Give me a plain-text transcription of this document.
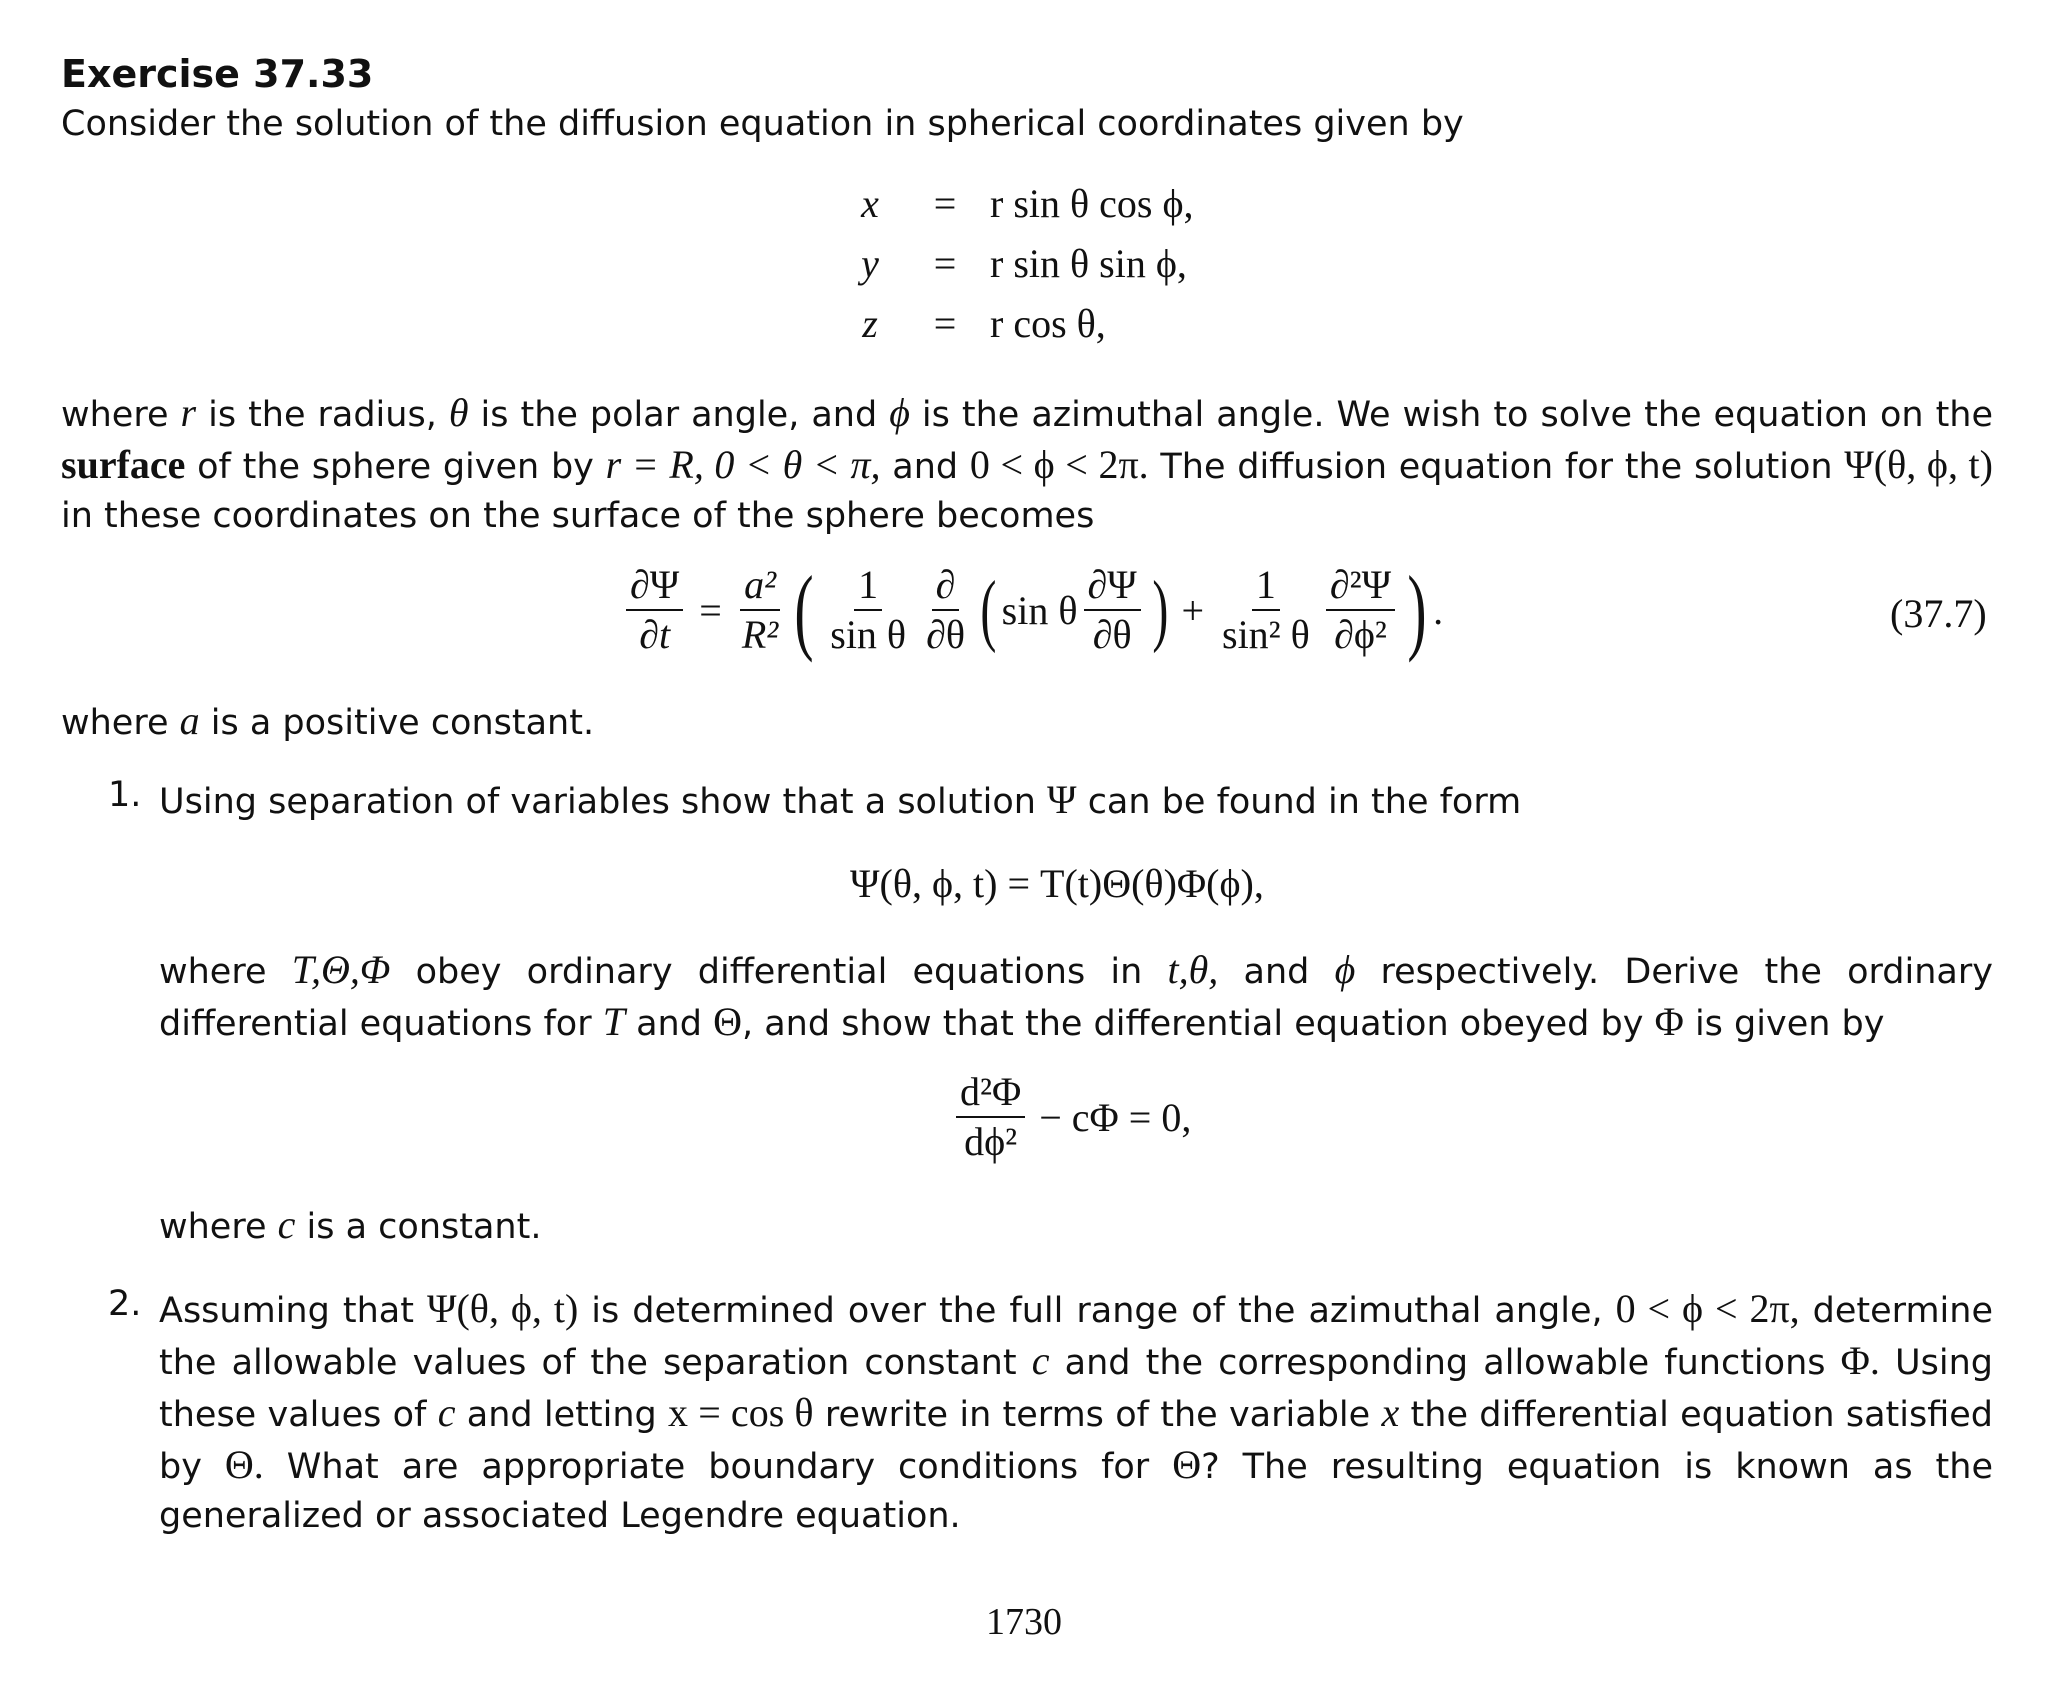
Exercise 37.33
Consider the solution of the diffusion equation in spherical coordinates given by
x	= r sin θ cos ϕ,
y	= r sin θ sin ϕ,
z	= r cos θ,
where r is the radius, θ is the polar angle, and ϕ is the azimuthal angle. We wish to solve the equation on the surface of the sphere given by r = R, 0 < θ < π, and 0 < ϕ < 2π. The diffusion equation for the solution Ψ(θ, ϕ, t) in these coordinates on the surface of the sphere becomes
$\frac{\partial\Psi}{\partial t} = \frac{\text{a²}}{\text{R²}}$ ( $\frac{1}{\text{sin θ}} \frac{\partial}{\partial\theta}$ ( sin θ $\frac{\partial\Psi}{\partial\theta}$ ) + $\frac{1}{\text{sin² θ}} \frac{\text{∂²Ψ}}{\text{∂ϕ²}}$ ) .	(37.7)
where a is a positive constant.
1. Using separation of variables show that a solution Ψ can be found in the form
Ψ(θ, ϕ, t) = T(t)Θ(θ)Φ(ϕ),
where T,Θ,Φ obey ordinary differential equations in t,θ, and ϕ respectively. Derive the ordinary differential equations for T and Θ, and show that the differential equation obeyed by Φ is given by
$\frac{\text{d²Φ}}{\text{dϕ²}} - c\Phi = 0$,
where c is a constant.
2. Assuming that Ψ(θ, ϕ, t) is determined over the full range of the azimuthal angle, 0 < ϕ < 2π, determine the allowable values of the separation constant c and the corresponding allowable functions Φ. Using these values of c and letting x = cos θ rewrite in terms of the variable x the differential equation satisfied by Θ. What are appropriate boundary conditions for Θ? The resulting equation is known as the generalized or associated Legendre equation.
1730
